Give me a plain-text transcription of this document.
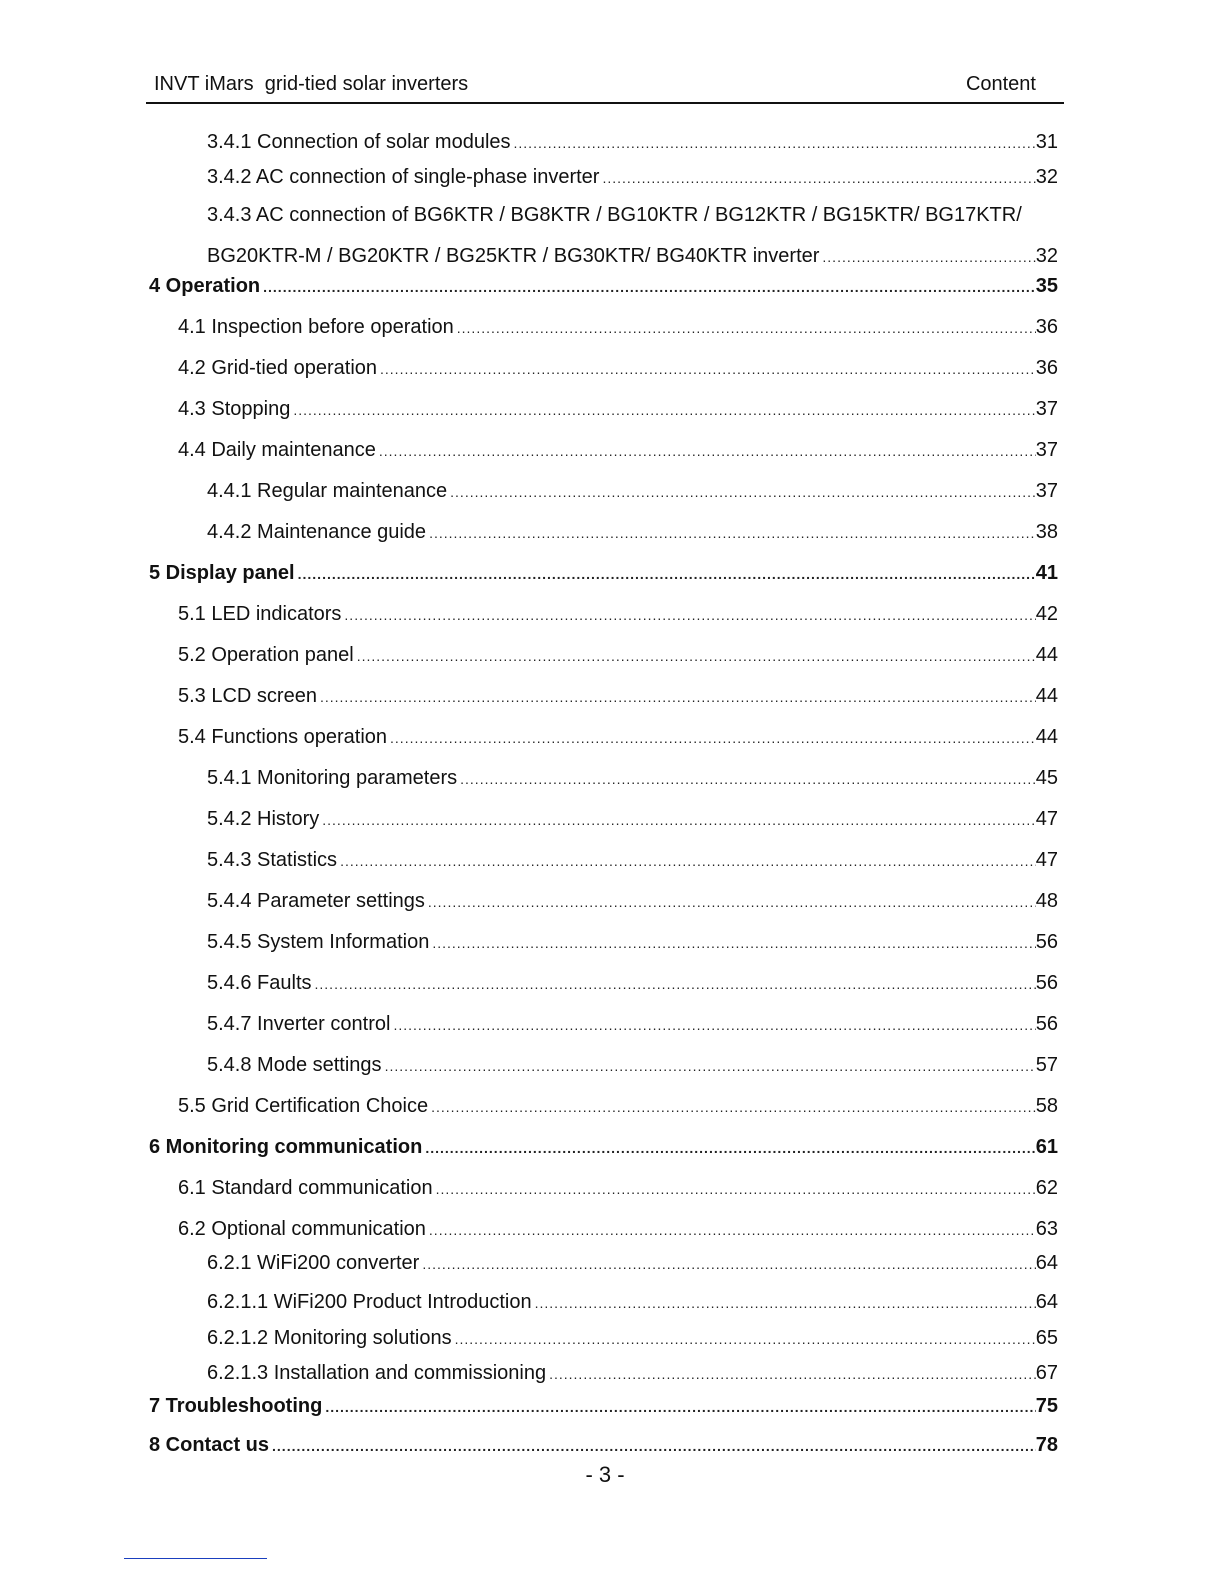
INVT iMars  grid-tied solar inverters	Content
3.4.1 Connection of solar modules .....	31
3.4.2 AC connection of single-phase inverter .....	32
3.4.3 AC connection of BG6KTR / BG8KTR / BG10KTR / BG12KTR / BG15KTR/ BG17KTR/
BG20KTR-M / BG20KTR / BG25KTR / BG30KTR/ BG40KTR inverter .....	32
4 Operation .....	35
4.1 Inspection before operation .....	36
4.2 Grid-tied operation .....	36
4.3 Stopping .....	37
4.4 Daily maintenance .....	37
4.4.1 Regular maintenance .....	37
4.4.2 Maintenance guide .....	38
5 Display panel .....	41
5.1 LED indicators .....	42
5.2 Operation panel .....	44
5.3 LCD screen .....	44
5.4 Functions operation .....	44
5.4.1 Monitoring parameters .....	45
5.4.2 History .....	47
5.4.3 Statistics .....	47
5.4.4 Parameter settings .....	48
5.4.5 System Information .....	56
5.4.6 Faults .....	56
5.4.7 Inverter control .....	56
5.4.8 Mode settings .....	57
5.5 Grid Certification Choice .....	58
6 Monitoring communication .....	61
6.1 Standard communication .....	62
6.2 Optional communication .....	63
6.2.1 WiFi200 converter .....	64
6.2.1.1 WiFi200 Product Introduction .....	64
6.2.1.2 Monitoring solutions .....	65
6.2.1.3 Installation and commissioning .....	67
7 Troubleshooting .....	75
8 Contact us .....	78
- 3 -
